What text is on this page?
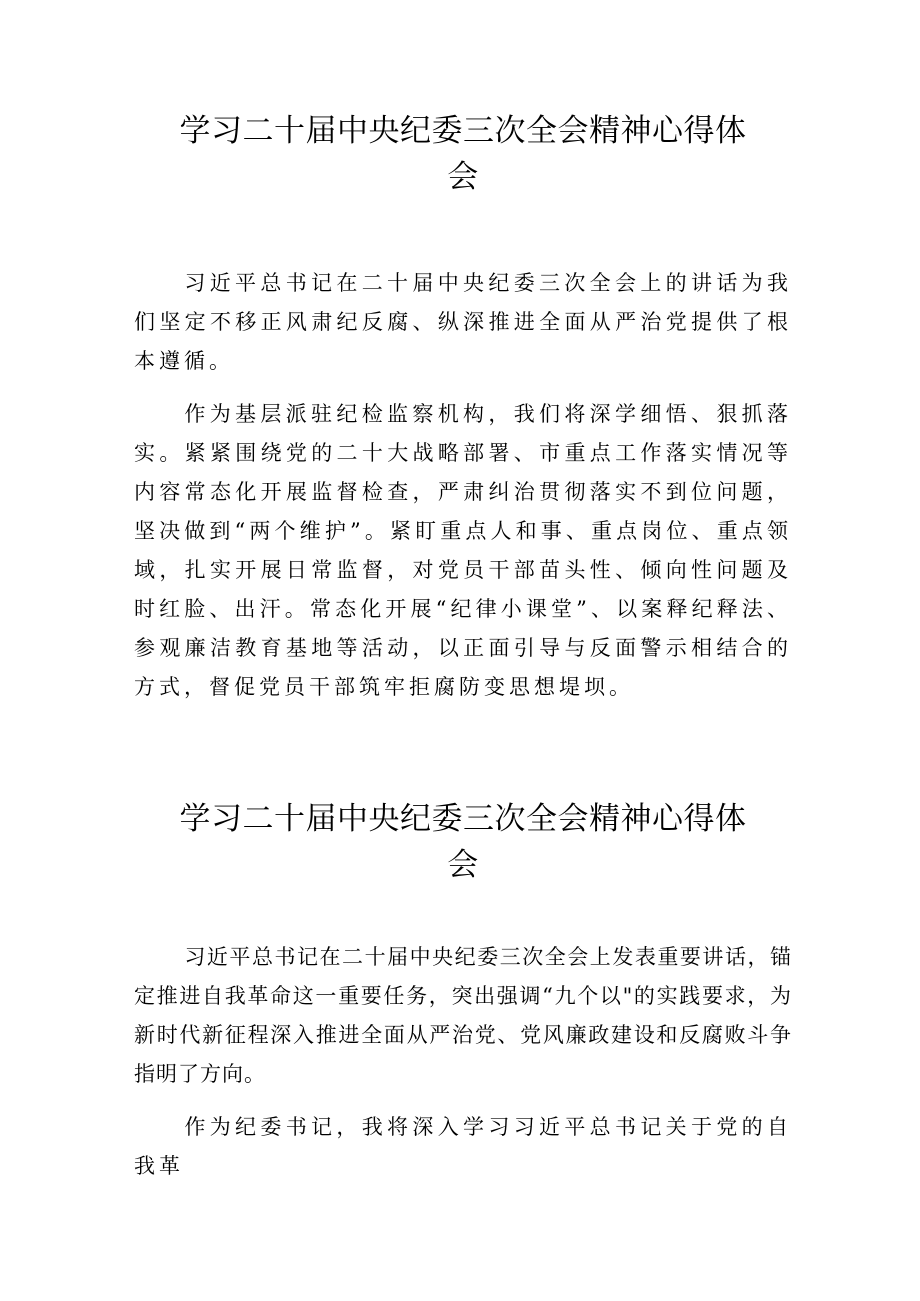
学习二十届中央纪委三次全会精神心得体
会

习近平总书记在二十届中央纪委三次全会上的讲话为我们坚定不移正风肃纪反腐、纵深推进全面从严治党提供了根本遵循。

作为基层派驻纪检监察机构，我们将深学细悟、狠抓落实。紧紧围绕党的二十大战略部署、市重点工作落实情况等内容常态化开展监督检查，严肃纠治贯彻落实不到位问题，坚决做到“两个维护”。紧盯重点人和事、重点岗位、重点领域，扎实开展日常监督，对党员干部苗头性、倾向性问题及时红脸、出汗。常态化开展“纪律小课堂”、以案释纪释法、参观廉洁教育基地等活动，以正面引导与反面警示相结合的方式，督促党员干部筑牢拒腐防变思想堤坝。

学习二十届中央纪委三次全会精神心得体
会

习近平总书记在二十届中央纪委三次全会上发表重要讲话，锚定推进自我革命这一重要任务，突出强调“九个以"的实践要求，为新时代新征程深入推进全面从严治党、党风廉政建设和反腐败斗争指明了方向。

作为纪委书记，我将深入学习习近平总书记关于党的自我革
